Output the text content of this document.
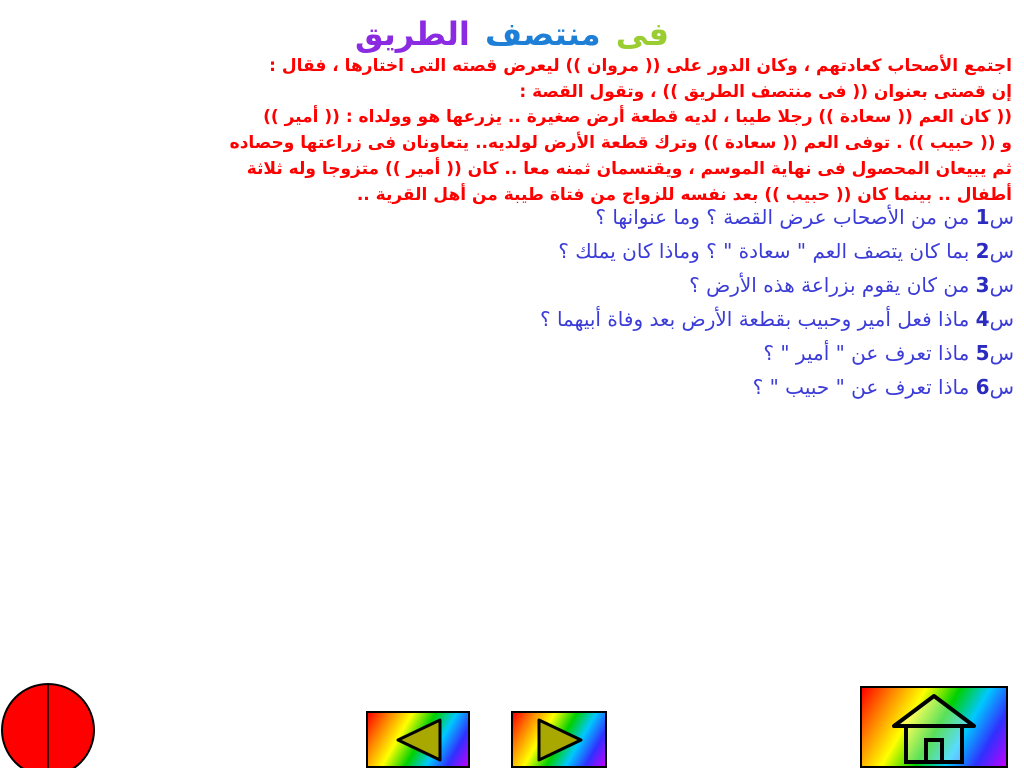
فى منتصف الطريق
اجتمع الأصحاب كعادتهم ، وكان الدور على (( مروان )) ليعرض قصته التى اختارها ، فقال :
إن قصتى بعنوان (( فى منتصف الطريق )) ، وتقول القصة :
(( كان العم (( سعادة )) رجلا طيبا ، لديه قطعة أرض صغيرة .. يزرعها هو وولداه : (( أمير ))
و (( حبيب )) . توفى العم (( سعادة )) وترك قطعة الأرض لولديه.. يتعاونان فى زراعتها وحصاده
ثم يبيعان المحصول فى نهاية الموسم ، ويقتسمان ثمنه معا .. كان (( أمير )) متزوجا وله ثلاثة
أطفال .. بينما كان (( حبيب )) بعد نفسه للزواج من فتاة طيبة من أهل القرية ..
س1 من من الأصحاب عرض القصة ؟ وما عنوانها ؟
س2 بما كان يتصف العم " سعادة " ؟ وماذا كان يملك ؟
س3 من كان يقوم بزراعة هذه الأرض ؟
س4 ماذا فعل أمير وحبيب بقطعة الأرض بعد وفاة أبيهما ؟
س5 ماذا تعرف عن " أمير " ؟
س6 ماذا تعرف عن " حبيب " ؟
